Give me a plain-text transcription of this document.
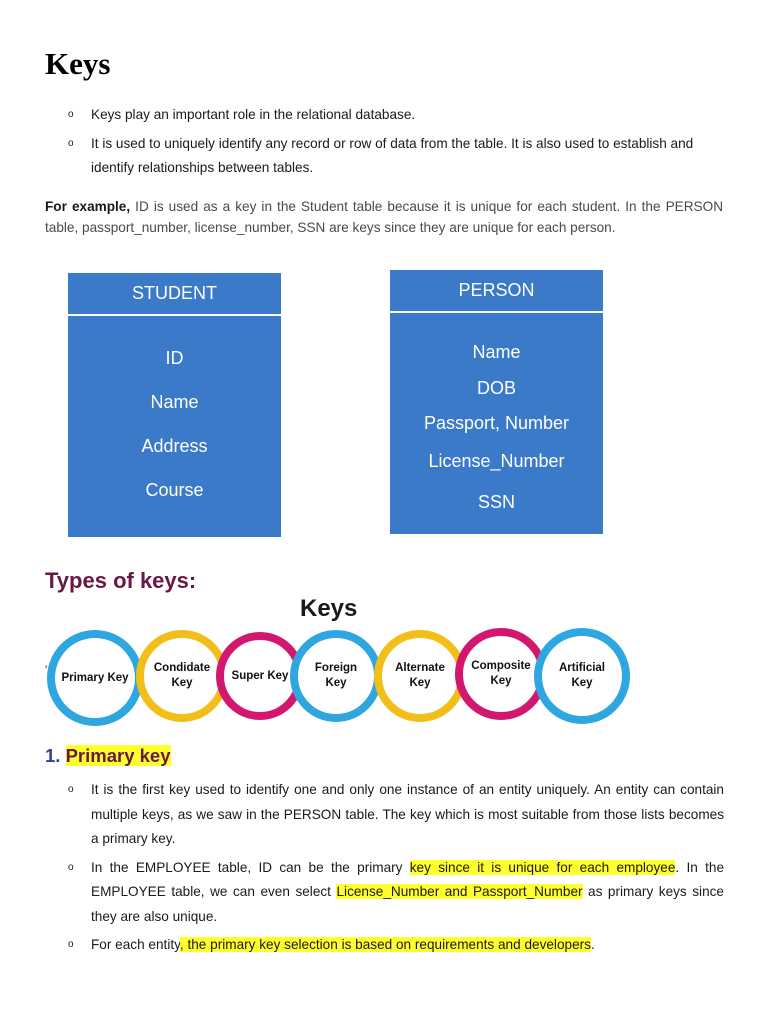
Keys
o Keys play an important role in the relational database.
o It is used to uniquely identify any record or row of data from the table. It is also used to establish and identify relationships between tables.
For example, ID is used as a key in the Student table because it is unique for each student. In the PERSON table, passport_number, license_number, SSN are keys since they are unique for each person.
STUDENT
ID
Name
Address
Course
PERSON
Name
DOB
Passport, Number
License_Number
SSN
Types of keys:
Keys
'
Primary Key
Condidate Key
Super Key
Foreign Key
Alternate Key
Composite Key
Artificial Key
1. Primary key
o It is the first key used to identify one and only one instance of an entity uniquely. An entity can contain multiple keys, as we saw in the PERSON table. The key which is most suitable from those lists becomes a primary key.
o In the EMPLOYEE table, ID can be the primary key since it is unique for each employee. In the EMPLOYEE table, we can even select License_Number and Passport_Number as primary keys since they are also unique.
o For each entity, the primary key selection is based on requirements and developers.
